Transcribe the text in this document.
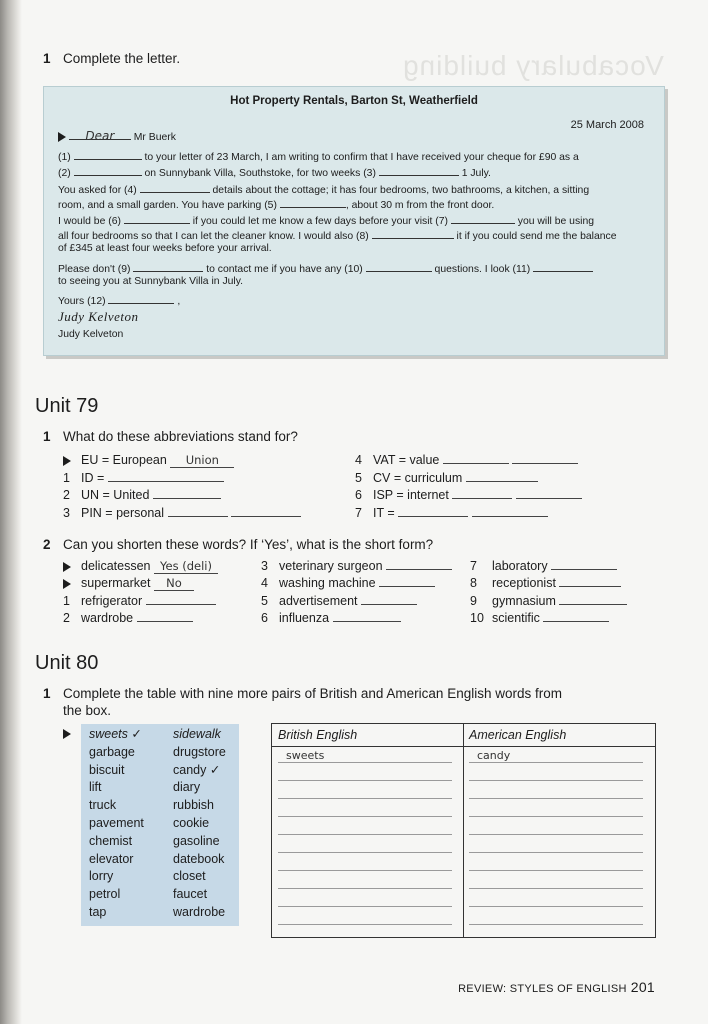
Vocabulary building
1 Complete the letter.
Hot Property Rentals, Barton St, Weatherfield
25 March 2008
Dear Mr Buerk
(1)	to your letter of 23 March, I am writing to confirm that I have received your cheque for £90 as a
(2)	on Sunnybank Villa, Southstoke, for two weeks (3)	1 July.
You asked for (4)	details about the cottage; it has four bedrooms, two bathrooms, a kitchen, a sitting
room, and a small garden. You have parking (5)	, about 30 m from the front door.
I would be (6)	if you could let me know a few days before your visit (7)	you will be using
all four bedrooms so that I can let the cleaner know. I would also (8)	it if you could send me the balance
of £345 at least four weeks before your arrival.
Please don't (9)	to contact me if you have any (10)	questions. I look (11)
to seeing you at Sunnybank Villa in July.
Yours (12)	,
Judy Kelveton
Judy Kelveton
Unit 79
1 What do these abbreviations stand for?
EU = European Union
1 ID =
2 UN = United
3 PIN = personal
4 VAT = value
5 CV = curriculum
6 ISP = internet
7 IT =
2 Can you shorten these words? If ‘Yes’, what is the short form?
delicatessen Yes (deli)
supermarket No
1 refrigerator
2 wardrobe
3 veterinary surgeon
4 washing machine
5 advertisement
6 influenza
7 laboratory
8 receptionist
9 gymnasium
10 scientific
Unit 80
1 Complete the table with nine more pairs of British and American English words from
the box.
sweets ✓
garbage
biscuit
lift
truck
pavement
chemist
elevator
lorry
petrol
tap
sidewalk
drugstore
candy ✓
diary
rubbish
cookie
gasoline
datebook
closet
faucet
wardrobe
British English	American English
sweets	candy
REVIEW: STYLES OF ENGLISH 201
